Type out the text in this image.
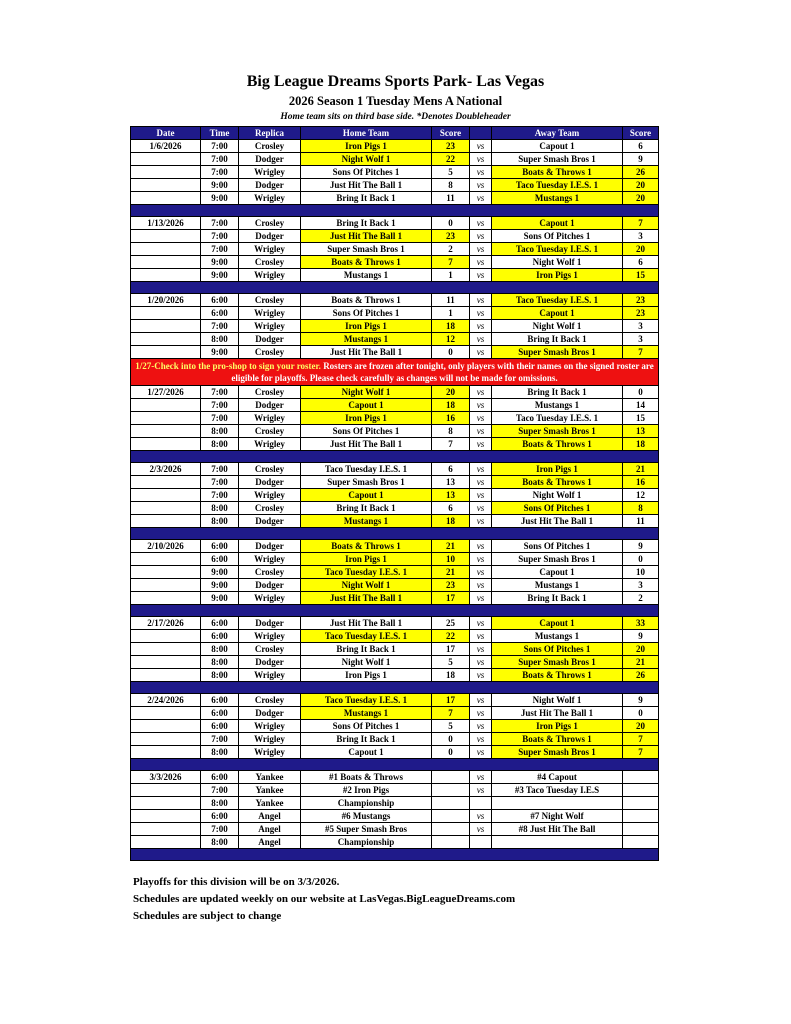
Big League Dreams Sports Park- Las Vegas
2026 Season 1 Tuesday Mens A National
Home team sits on third base side. *Denotes Doubleheader
Date	Time	Replica	Home Team	Score		Away Team	Score
1/6/2026	7:00	Crosley	Iron Pigs 1	23	vs	Capout 1	6
	7:00	Dodger	Night Wolf 1	22	vs	Super Smash Bros 1	9
	7:00	Wrigley	Sons Of Pitches 1	5	vs	Boats & Throws 1	26
	9:00	Dodger	Just Hit The Ball 1	8	vs	Taco Tuesday I.E.S. 1	20
	9:00	Wrigley	Bring It Back 1	11	vs	Mustangs 1	20

1/13/2026	7:00	Crosley	Bring It Back 1	0	vs	Capout 1	7
	7:00	Dodger	Just Hit The Ball 1	23	vs	Sons Of Pitches 1	3
	7:00	Wrigley	Super Smash Bros 1	2	vs	Taco Tuesday I.E.S. 1	20
	9:00	Crosley	Boats & Throws 1	7	vs	Night Wolf 1	6
	9:00	Wrigley	Mustangs 1	1	vs	Iron Pigs 1	15

1/20/2026	6:00	Crosley	Boats & Throws 1	11	vs	Taco Tuesday I.E.S. 1	23
	6:00	Wrigley	Sons Of Pitches 1	1	vs	Capout 1	23
	7:00	Wrigley	Iron Pigs 1	18	vs	Night Wolf 1	3
	8:00	Dodger	Mustangs 1	12	vs	Bring It Back 1	3
	9:00	Crosley	Just Hit The Ball 1	0	vs	Super Smash Bros 1	7
1/27-Check into the pro-shop to sign your roster. Rosters are frozen after tonight, only players with their names on the signed roster are eligible for playoffs. Please check carefully as changes will not be made for omissions.							
1/27/2026	7:00	Crosley	Night Wolf 1	20	vs	Bring It Back 1	0
	7:00	Dodger	Capout 1	18	vs	Mustangs 1	14
	7:00	Wrigley	Iron Pigs 1	16	vs	Taco Tuesday I.E.S. 1	15
	8:00	Crosley	Sons Of Pitches 1	8	vs	Super Smash Bros 1	13
	8:00	Wrigley	Just Hit The Ball 1	7	vs	Boats & Throws 1	18

2/3/2026	7:00	Crosley	Taco Tuesday I.E.S. 1	6	vs	Iron Pigs 1	21
	7:00	Dodger	Super Smash Bros 1	13	vs	Boats & Throws 1	16
	7:00	Wrigley	Capout 1	13	vs	Night Wolf 1	12
	8:00	Crosley	Bring It Back 1	6	vs	Sons Of Pitches 1	8
	8:00	Dodger	Mustangs 1	18	vs	Just Hit The Ball 1	11

2/10/2026	6:00	Dodger	Boats & Throws 1	21	vs	Sons Of Pitches 1	9
	6:00	Wrigley	Iron Pigs 1	10	vs	Super Smash Bros 1	0
	9:00	Crosley	Taco Tuesday I.E.S. 1	21	vs	Capout 1	10
	9:00	Dodger	Night Wolf 1	23	vs	Mustangs 1	3
	9:00	Wrigley	Just Hit The Ball 1	17	vs	Bring It Back 1	2

2/17/2026	6:00	Dodger	Just Hit The Ball 1	25	vs	Capout 1	33
	6:00	Wrigley	Taco Tuesday I.E.S. 1	22	vs	Mustangs 1	9
	8:00	Crosley	Bring It Back 1	17	vs	Sons Of Pitches 1	20
	8:00	Dodger	Night Wolf 1	5	vs	Super Smash Bros 1	21
	8:00	Wrigley	Iron Pigs 1	18	vs	Boats & Throws 1	26

2/24/2026	6:00	Crosley	Taco Tuesday I.E.S. 1	17	vs	Night Wolf 1	9
	6:00	Dodger	Mustangs 1	7	vs	Just Hit The Ball 1	0
	6:00	Wrigley	Sons Of Pitches 1	5	vs	Iron Pigs 1	20
	7:00	Wrigley	Bring It Back 1	0	vs	Boats & Throws 1	7
	8:00	Wrigley	Capout 1	0	vs	Super Smash Bros 1	7

3/3/2026	6:00	Yankee	#1 Boats & Throws		vs	#4 Capout	
	7:00	Yankee	#2 Iron Pigs		vs	#3 Taco Tuesday I.E.S	
	8:00	Yankee	Championship				
	6:00	Angel	#6 Mustangs		vs	#7 Night Wolf	
	7:00	Angel	#5 Super Smash Bros		vs	#8 Just Hit The Ball	
	8:00	Angel	Championship				

Playoffs for this division will be on 3/3/2026.
Schedules are updated weekly on our website at LasVegas.BigLeagueDreams.com
Schedules are subject to change
